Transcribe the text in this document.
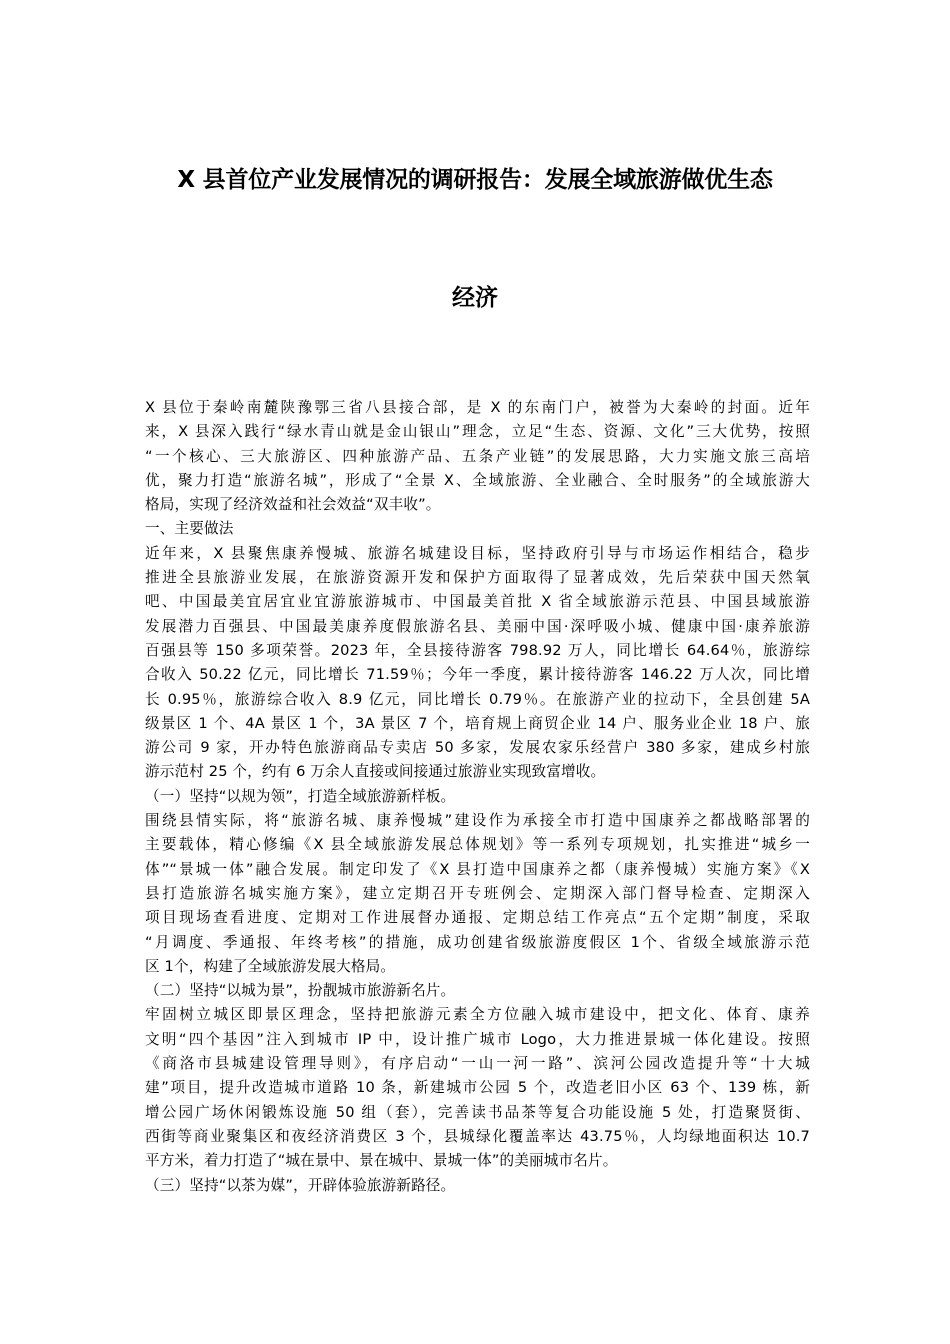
X 县首位产业发展情况的调研报告：发展全域旅游做优生态
经济

X 县位于秦岭南麓陕豫鄂三省八县接合部，是 X 的东南门户，被誉为大秦岭的封面。近年
来，X 县深入践行“绿水青山就是金山银山”理念，立足“生态、资源、文化”三大优势，按照
“一个核心、三大旅游区、四种旅游产品、五条产业链”的发展思路，大力实施文旅三高培
优，聚力打造“旅游名城”，形成了“全景 X、全域旅游、全业融合、全时服务”的全域旅游大
格局，实现了经济效益和社会效益“双丰收”。

一、主要做法

近年来，X 县聚焦康养慢城、旅游名城建设目标，坚持政府引导与市场运作相结合，稳步
推进全县旅游业发展，在旅游资源开发和保护方面取得了显著成效，先后荣获中国天然氧
吧、中国最美宜居宜业宜游旅游城市、中国最美首批 X 省全域旅游示范县、中国县域旅游
发展潜力百强县、中国最美康养度假旅游名县、美丽中国·深呼吸小城、健康中国·康养旅游
百强县等 150 多项荣誉。2023 年，全县接待游客 798.92 万人，同比增长 64.64％，旅游综
合收入 50.22 亿元，同比增长 71.59％；今年一季度，累计接待游客 146.22 万人次，同比增
长 0.95％，旅游综合收入 8.9 亿元，同比增长 0.79％。在旅游产业的拉动下，全县创建 5A
级景区 1 个、4A 景区 1 个，3A 景区 7 个，培育规上商贸企业 14 户、服务业企业 18 户、旅
游公司 9 家，开办特色旅游商品专卖店 50 多家，发展农家乐经营户 380 多家，建成乡村旅
游示范村 25 个，约有 6 万余人直接或间接通过旅游业实现致富增收。

（一）坚持“以规为领”，打造全域旅游新样板。

围绕县情实际，将“旅游名城、康养慢城”建设作为承接全市打造中国康养之都战略部署的
主要载体，精心修编《X 县全域旅游发展总体规划》等一系列专项规划，扎实推进“城乡一
体”“景城一体”融合发展。制定印发了《X 县打造中国康养之都（康养慢城）实施方案》《X
县打造旅游名城实施方案》，建立定期召开专班例会、定期深入部门督导检查、定期深入
项目现场查看进度、定期对工作进展督办通报、定期总结工作亮点“五个定期”制度，采取
“月调度、季通报、年终考核”的措施，成功创建省级旅游度假区 1个、省级全域旅游示范
区 1个，构建了全域旅游发展大格局。

（二）坚持“以城为景”，扮靓城市旅游新名片。

牢固树立城区即景区理念，坚持把旅游元素全方位融入城市建设中，把文化、体育、康养
文明“四个基因”注入到城市 IP 中，设计推广城市 Logo，大力推进景城一体化建设。按照
《商洛市县城建设管理导则》，有序启动“一山一河一路”、滨河公园改造提升等“十大城
建”项目，提升改造城市道路 10 条，新建城市公园 5 个，改造老旧小区 63 个、139 栋，新
增公园广场休闲锻炼设施 50 组（套），完善读书品茶等复合功能设施 5 处，打造聚贤街、
西街等商业聚集区和夜经济消费区 3 个，县城绿化覆盖率达 43.75％，人均绿地面积达 10.7
平方米，着力打造了“城在景中、景在城中、景城一体”的美丽城市名片。

（三）坚持“以茶为媒”，开辟体验旅游新路径。
